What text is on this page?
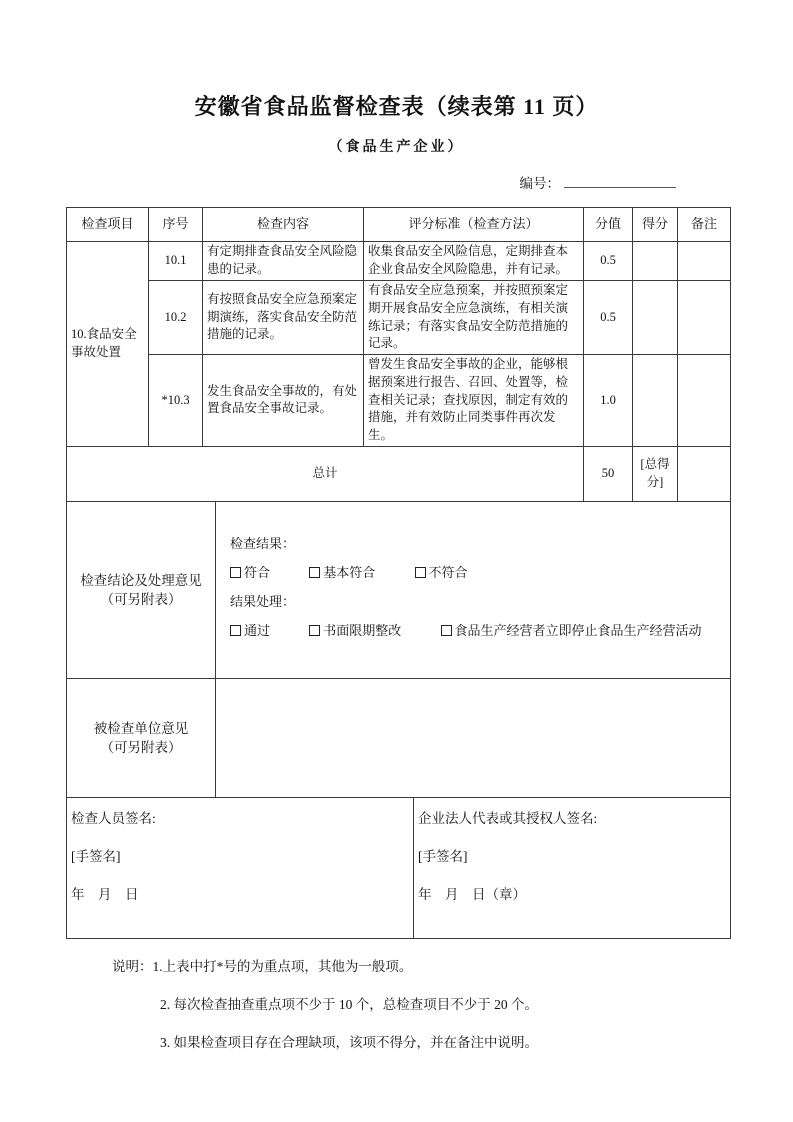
安徽省食品监督检查表（续表第 11 页）
（食品生产企业）
编号：
检查项目	序号	检查内容	评分标准（检查方法）	分值	得分	备注
10.食品安全事故处置	10.1	有定期排查食品安全风险隐患的记录。	收集食品安全风险信息，定期排查本企业食品安全风险隐患，并有记录。	0.5		
	10.2	有按照食品安全应急预案定期演练，落实食品安全防范措施的记录。	有食品安全应急预案，并按照预案定期开展食品安全应急演练，有相关演练记录；有落实食品安全防范措施的记录。	0.5		
	*10.3	发生食品安全事故的，有处置食品安全事故记录。	曾发生食品安全事故的企业，能够根据预案进行报告、召回、处置等，检查相关记录；查找原因，制定有效的措施，并有效防止同类事件再次发生。	1.0		
总计				50	[总得分]	
检查结论及处理意见
（可另附表）

检查结果：
符合	基本符合	不符合
结果处理：
通过	书面限期整改	食品生产经营者立即停止食品生产经营活动

被检查单位意见
（可另附表）	

检查人员签名:
[手签名]
年　月　日

企业法人代表或其授权人签名:
[手签名]
年　月　日（章）
说明：1.上表中打*号的为重点项，其他为一般项。
2. 每次检查抽查重点项不少于 10 个，总检查项目不少于 20 个。
3. 如果检查项目存在合理缺项，该项不得分，并在备注中说明。
